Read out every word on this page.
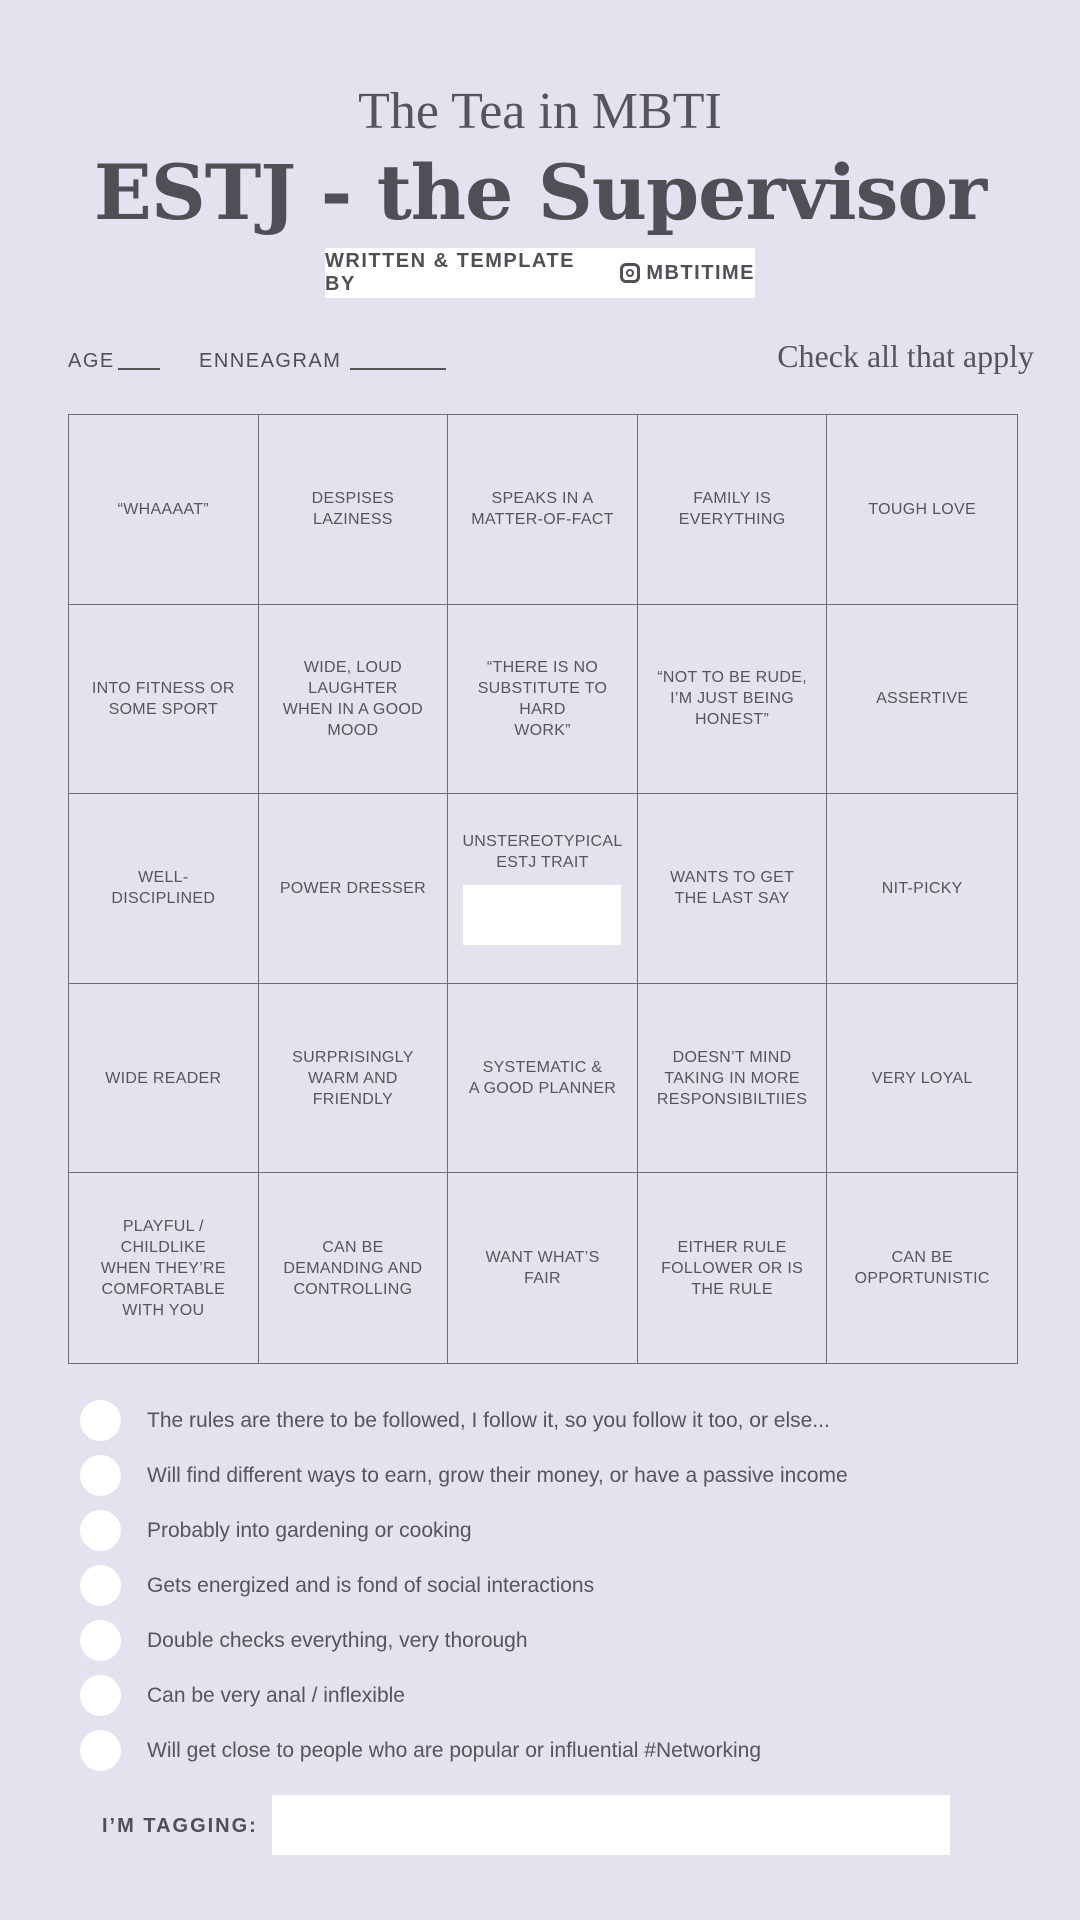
The Tea in MBTI
ESTJ - the Supervisor
WRITTEN & TEMPLATE BY
MBTITIME
AGE	ENNEAGRAM	Check all that apply
“WHAAAAT”
DESPISES LAZINESS
SPEAKS IN A
MATTER-OF-FACT
FAMILY IS
EVERYTHING
TOUGH LOVE
INTO FITNESS OR
SOME SPORT
WIDE, LOUD
LAUGHTER
WHEN IN A GOOD
MOOD
“THERE IS NO
SUBSTITUTE TO HARD
WORK”
“NOT TO BE RUDE,
I’M JUST BEING
HONEST”
ASSERTIVE
WELL-
DISCIPLINED
POWER DRESSER
UNSTEREOTYPICAL
ESTJ TRAIT
WANTS TO GET
THE LAST SAY
NIT-PICKY
WIDE READER
SURPRISINGLY
WARM AND
FRIENDLY
SYSTEMATIC &
A GOOD PLANNER
DOESN’T MIND
TAKING IN MORE
RESPONSIBILTIIES
VERY LOYAL
PLAYFUL / CHILDLIKE
WHEN THEY’RE
COMFORTABLE
WITH YOU
CAN BE
DEMANDING AND
CONTROLLING
WANT WHAT’S
FAIR
EITHER RULE
FOLLOWER OR IS
THE RULE
CAN BE
OPPORTUNISTIC
The rules are there to be followed, I follow it, so you follow it too, or else...
Will find different ways to earn, grow their money, or have a passive income
Probably into gardening or cooking
Gets energized and is fond of social interactions
Double checks everything, very thorough
Can be very anal / inflexible
Will get close to people who are popular or influential #Networking
I’M TAGGING:
